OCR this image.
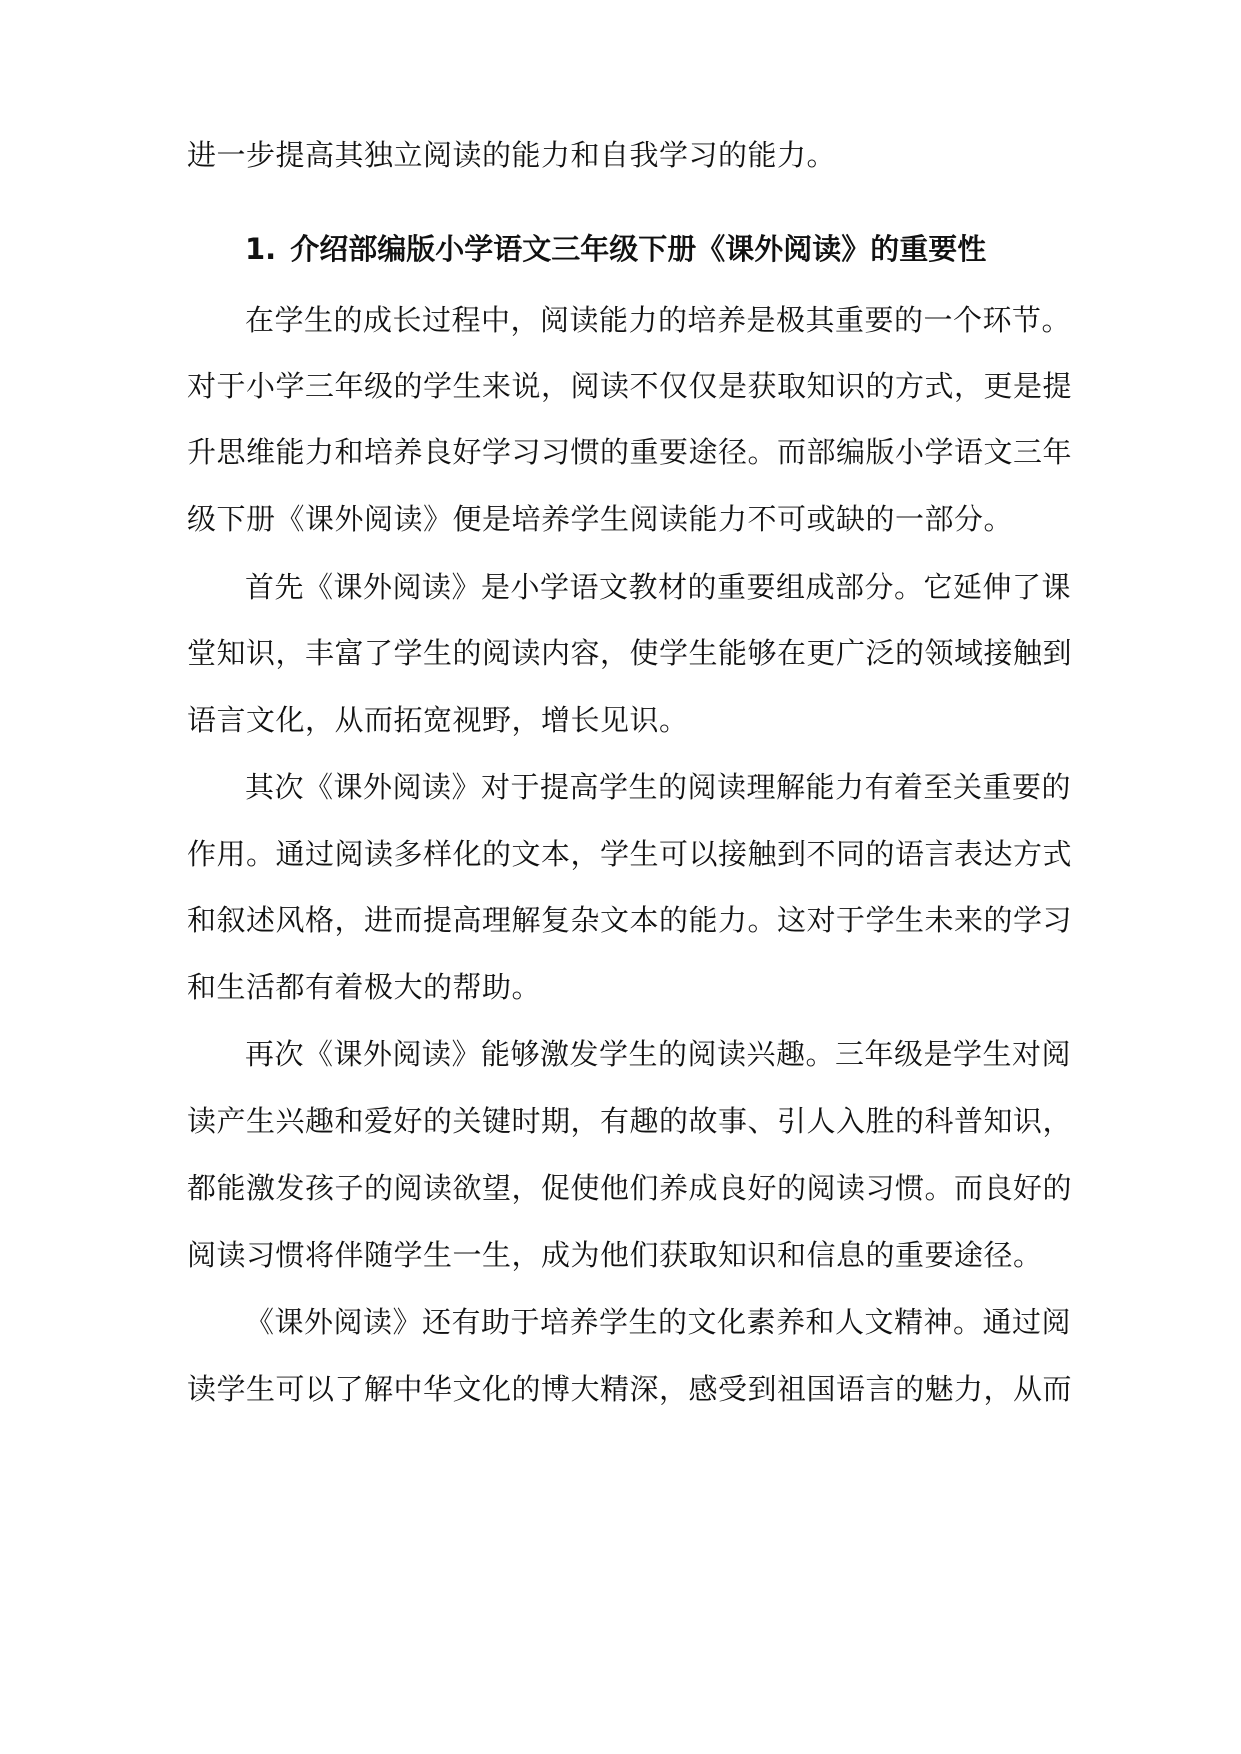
进一步提高其独立阅读的能力和自我学习的能力。
1. 介绍部编版小学语文三年级下册《课外阅读》的重要性
在学生的成长过程中，阅读能力的培养是极其重要的一个环节。
对于小学三年级的学生来说，阅读不仅仅是获取知识的方式，更是提
升思维能力和培养良好学习习惯的重要途径。而部编版小学语文三年
级下册《课外阅读》便是培养学生阅读能力不可或缺的一部分。
首先《课外阅读》是小学语文教材的重要组成部分。它延伸了课
堂知识，丰富了学生的阅读内容，使学生能够在更广泛的领域接触到
语言文化，从而拓宽视野，增长见识。
其次《课外阅读》对于提高学生的阅读理解能力有着至关重要的
作用。通过阅读多样化的文本，学生可以接触到不同的语言表达方式
和叙述风格，进而提高理解复杂文本的能力。这对于学生未来的学习
和生活都有着极大的帮助。
再次《课外阅读》能够激发学生的阅读兴趣。三年级是学生对阅
读产生兴趣和爱好的关键时期，有趣的故事、引人入胜的科普知识，
都能激发孩子的阅读欲望，促使他们养成良好的阅读习惯。而良好的
阅读习惯将伴随学生一生，成为他们获取知识和信息的重要途径。
《课外阅读》还有助于培养学生的文化素养和人文精神。通过阅
读学生可以了解中华文化的博大精深，感受到祖国语言的魅力，从而
